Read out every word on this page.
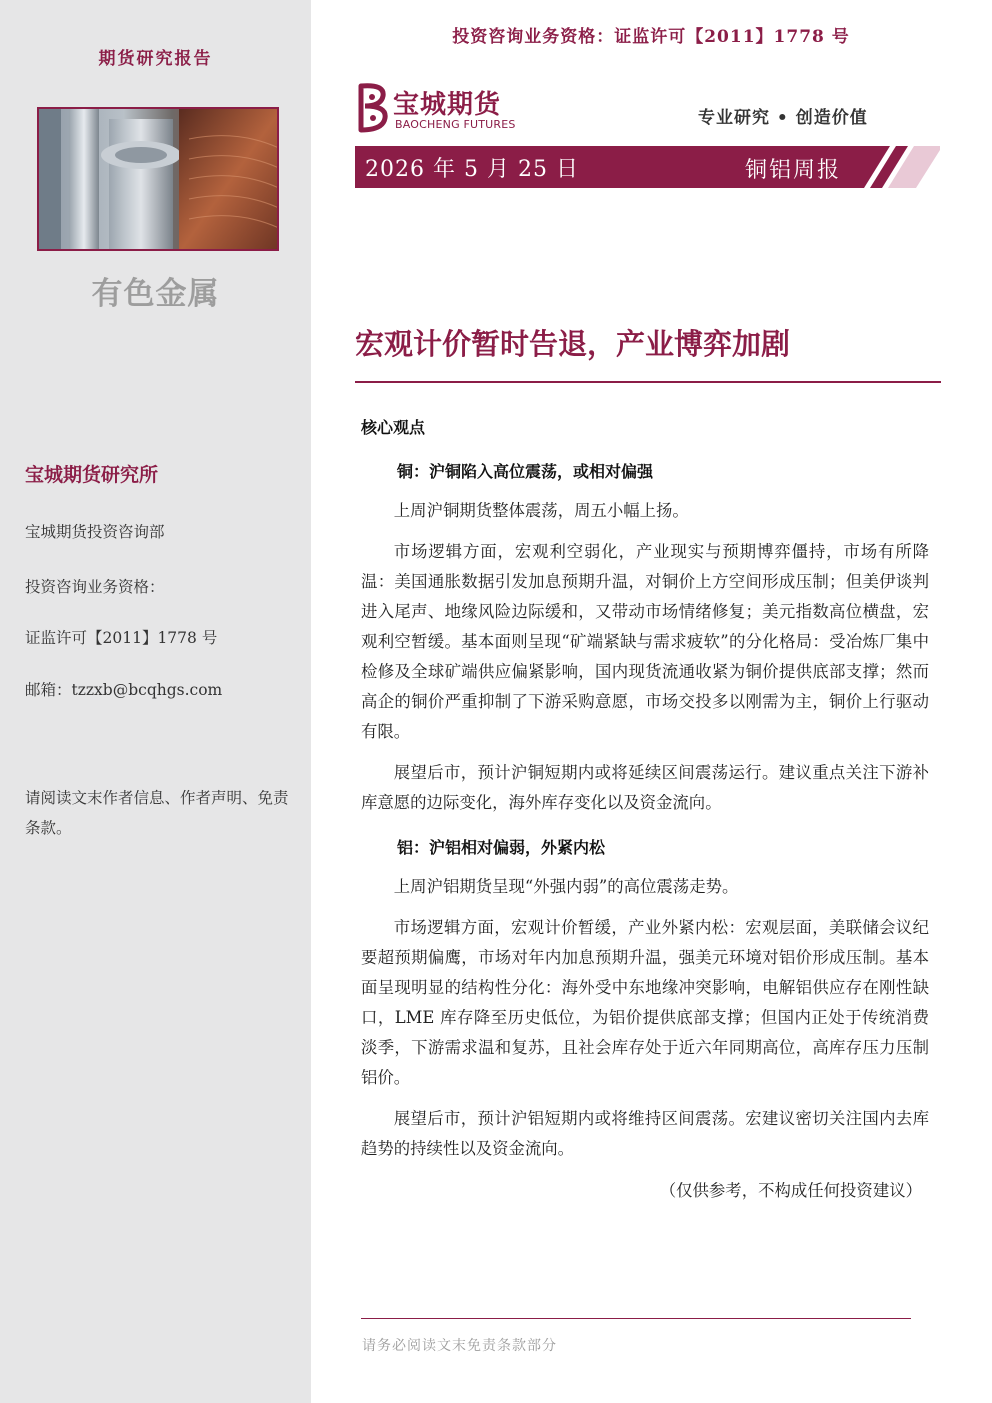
期货研究报告
有色金属
宝城期货研究所
宝城期货投资咨询部
投资咨询业务资格：
证监许可【2011】1778 号
邮箱：tzzxb@bcqhgs.com
请阅读文末作者信息、作者声明、免责条款。
投资咨询业务资格：证监许可【2011】1778 号
宝城期货
BAOCHENG FUTURES	专业研究 • 创造价值
2026 年 5 月 25 日	铜铝周报
宏观计价暂时告退，产业博弈加剧
核心观点
铜：沪铜陷入高位震荡，或相对偏强
上周沪铜期货整体震荡，周五小幅上扬。
市场逻辑方面，宏观利空弱化，产业现实与预期博弈僵持，市场有所降温：美国通胀数据引发加息预期升温，对铜价上方空间形成压制；但美伊谈判进入尾声、地缘风险边际缓和，又带动市场情绪修复；美元指数高位横盘，宏观利空暂缓。基本面则呈现“矿端紧缺与需求疲软”的分化格局：受冶炼厂集中检修及全球矿端供应偏紧影响，国内现货流通收紧为铜价提供底部支撑；然而高企的铜价严重抑制了下游采购意愿，市场交投多以刚需为主，铜价上行驱动有限。
展望后市，预计沪铜短期内或将延续区间震荡运行。建议重点关注下游补库意愿的边际变化，海外库存变化以及资金流向。
铝：沪铝相对偏弱，外紧内松
上周沪铝期货呈现“外强内弱”的高位震荡走势。
市场逻辑方面，宏观计价暂缓，产业外紧内松：宏观层面，美联储会议纪要超预期偏鹰，市场对年内加息预期升温，强美元环境对铝价形成压制。基本面呈现明显的结构性分化：海外受中东地缘冲突影响，电解铝供应存在刚性缺口，LME 库存降至历史低位，为铝价提供底部支撑；但国内正处于传统消费淡季，下游需求温和复苏，且社会库存处于近六年同期高位，高库存压力压制铝价。
展望后市，预计沪铝短期内或将维持区间震荡。宏建议密切关注国内去库趋势的持续性以及资金流向。
（仅供参考，不构成任何投资建议）
请务必阅读文末免责条款部分
